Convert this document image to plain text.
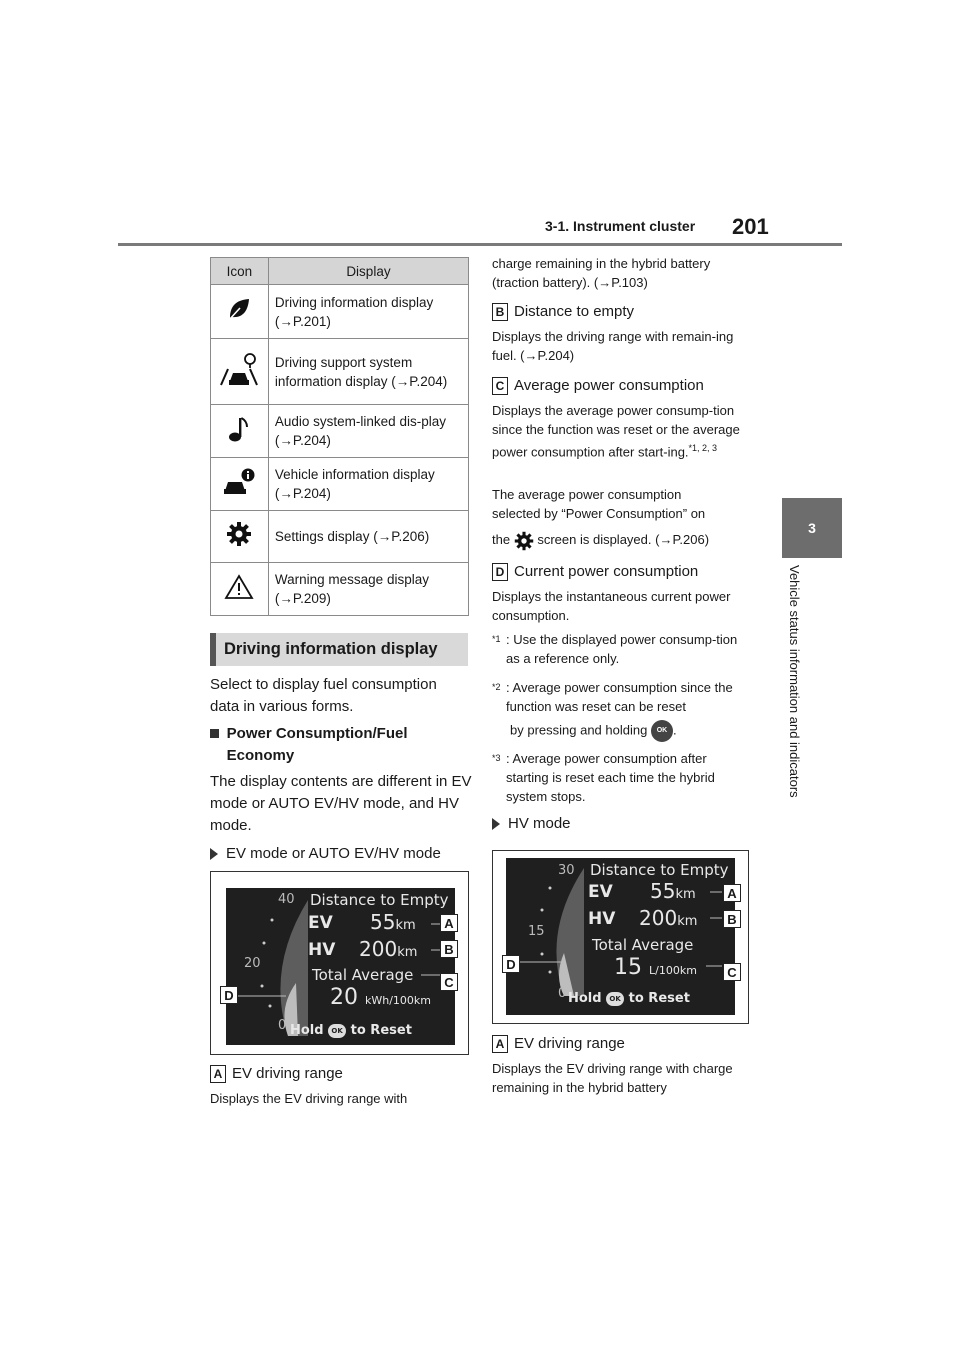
3-1. Instrument cluster 201
3
Vehicle status information and indicators
Icon	Display
	Driving information display (→P.201)
	Driving support system information display (→P.204)
	Audio system-linked dis-play (→P.204)
	Vehicle information display (→P.204)
	Settings display (→P.206)
	Warning message display (→P.209)
Driving information display
Select to display fuel consumption data in various forms.
Power Consumption/Fuel Economy
The display contents are different in EV mode or AUTO EV/HV mode, and HV mode.
EV mode or AUTO EV/HV mode
40
20
0
Distance to Empty
EV 55km
HV 200km
Total Average
20 kWh/100km
Hold OK to Reset
A
B
C
D
A EV driving range
Displays the EV driving range with
charge remaining in the hybrid battery (traction battery). (→P.103)
B Distance to empty
Displays the driving range with remain-ing fuel. (→P.204)
C Average power consumption
Displays the average power consump-tion since the function was reset or the average power consumption after start-ing.$^{*1, 2, 3}$
The average power consumption selected by “Power Consumption” on
the screen is displayed. (→P.206)
D Current power consumption
Displays the instantaneous current power consumption.
*1 : Use the displayed power consump-tion as a reference only.
*2 : Average power consumption since the function was reset can be reset
by pressing and holding OK .
*3 : Average power consumption after starting is reset each time the hybrid system stops.
HV mode
30
15
0
Distance to Empty
EV 55km
HV 200km
Total Average
15 L/100km
Hold OK to Reset
A
B
C
D
A EV driving range
Displays the EV driving range with charge remaining in the hybrid battery
